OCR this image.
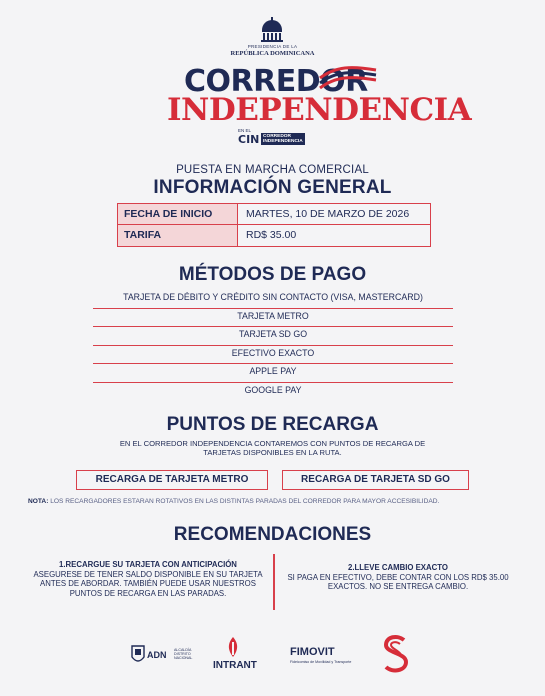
PRESIDENCIA DE LA
REPÚBLICA DOMINICANA
CORREDOR
INDEPENDENCIA
EN EL
CIN CORREDOR
INDEPENDENCIA
PUESTA EN MARCHA COMERCIAL
INFORMACIÓN GENERAL
FECHA DE INICIO	MARTES, 10 DE MARZO DE 2026
TARIFA	RD$ 35.00
MÉTODOS DE PAGO
TARJETA DE DÉBITO Y CRÉDITO SIN CONTACTO (VISA, MASTERCARD)
TARJETA METRO
TARJETA SD GO
EFECTIVO EXACTO
APPLE PAY
GOOGLE PAY
PUNTOS DE RECARGA
EN EL CORREDOR INDEPENDENCIA CONTAREMOS CON PUNTOS DE RECARGA DE TARJETAS DISPONIBLES EN LA RUTA.
RECARGA DE TARJETA METRO	RECARGA DE TARJETA SD GO
NOTA: LOS RECARGADORES ESTARAN ROTATIVOS EN LAS DISTINTAS PARADAS DEL CORREDOR PARA MAYOR ACCESIBILIDAD.
RECOMENDACIONES
1.RECARGUE SU TARJETA CON ANTICIPACIÓN
ASEGURESE DE TENER SALDO DISPONIBLE EN SU TARJETA ANTES DE ABORDAR. TAMBIÉN PUEDE USAR NUESTROS PUNTOS DE RECARGA EN LAS PARADAS.
2.LLEVE CAMBIO EXACTO
SI PAGA EN EFECTIVO, DEBE CONTAR CON LOS RD$ 35.00 EXACTOS. NO SE ENTREGA CAMBIO.
ADN ALCALDÍA DISTRITO NACIONAL
INTRANT
FIMOVIT
Fideicomiso de Movilidad y Transporte
